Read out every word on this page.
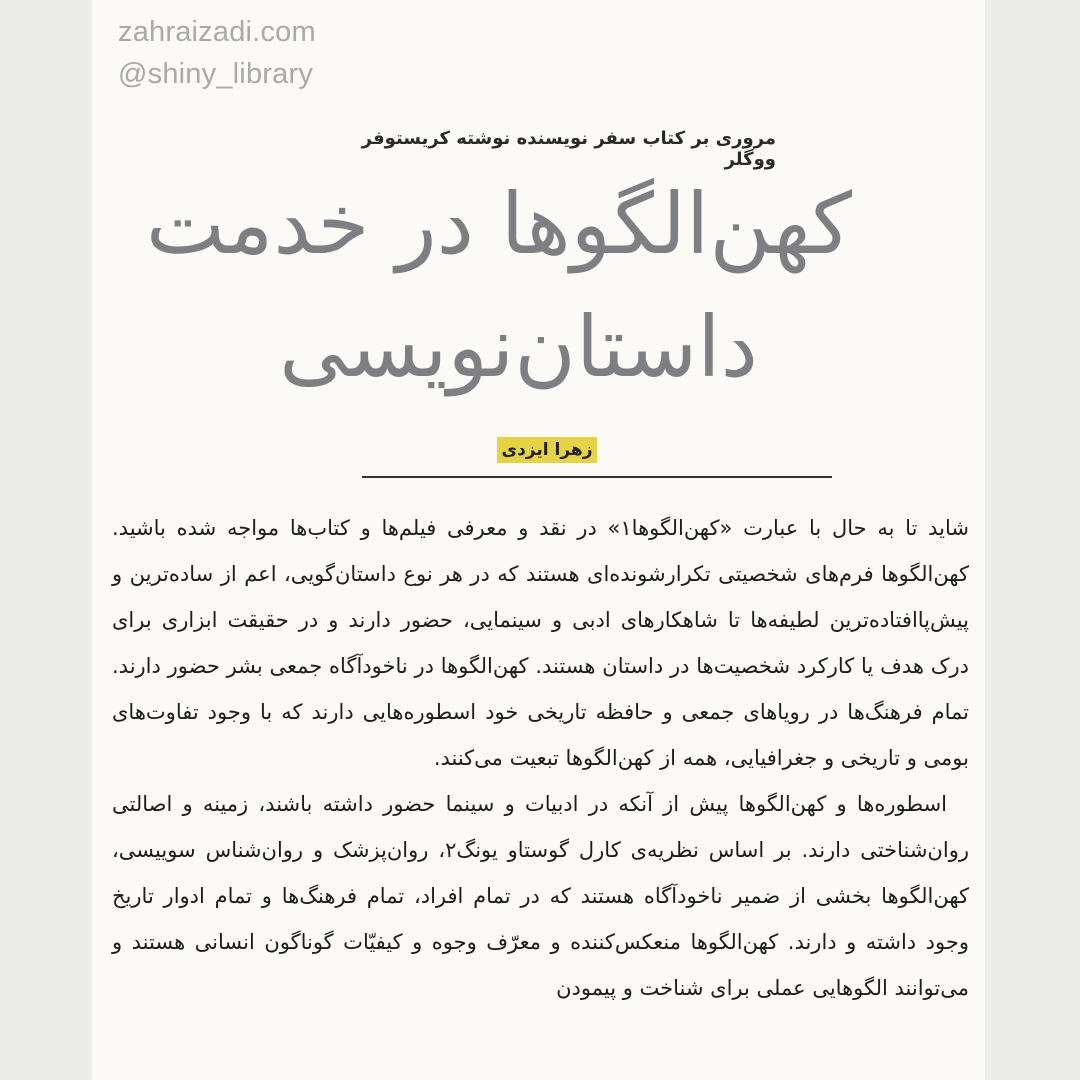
zahraizadi.com
@shiny_library
مروری بر کتاب سفر نویسنده نوشته کریستوفر ووگلر
کهن‌الگوها در خدمت
داستان‌نویسی
زهرا ایزدی

شاید تا به حال با عبارت «کهن‌الگوها۱» در نقد و معرفی فیلم‌ها و کتاب‌ها مواجه شده باشید. کهن‌الگوها فرم‌های شخصیتی تکرارشونده‌ای هستند که در هر نوع داستان‌گویی، اعم از ساده‌ترین و پیش‌پاافتاده‌ترین لطیفه‌ها تا شاهکارهای ادبی و سینمایی، حضور دارند و در حقیقت ابزاری برای درک هدف یا کارکرد شخصیت‌ها در داستان هستند. کهن‌الگوها در ناخودآگاه جمعی بشر حضور دارند. تمام فرهنگ‌ها در رویاهای جمعی و حافظه تاریخی خود اسطوره‌هایی دارند که با وجود تفاوت‌های بومی و تاریخی و جغرافیایی، همه از کهن‌الگوها تبعیت می‌کنند.

اسطوره‌ها و کهن‌الگوها پیش از آنکه در ادبیات و سینما حضور داشته باشند، زمینه و اصالتی روان‌شناختی دارند. بر اساس نظریه‌ی کارل گوستاو یونگ۲، روان‌پزشک و روان‌شناس سوییسی، کهن‌الگوها بخشی از ضمیر ناخودآگاه هستند که در تمام افراد، تمام فرهنگ‌ها و تمام ادوار تاریخ وجود داشته و دارند. کهن‌الگوها منعکس‌کننده و معرّف وجوه و کیفیّات گوناگون انسانی هستند و می‌توانند الگوهایی عملی برای شناخت و پیمودن
